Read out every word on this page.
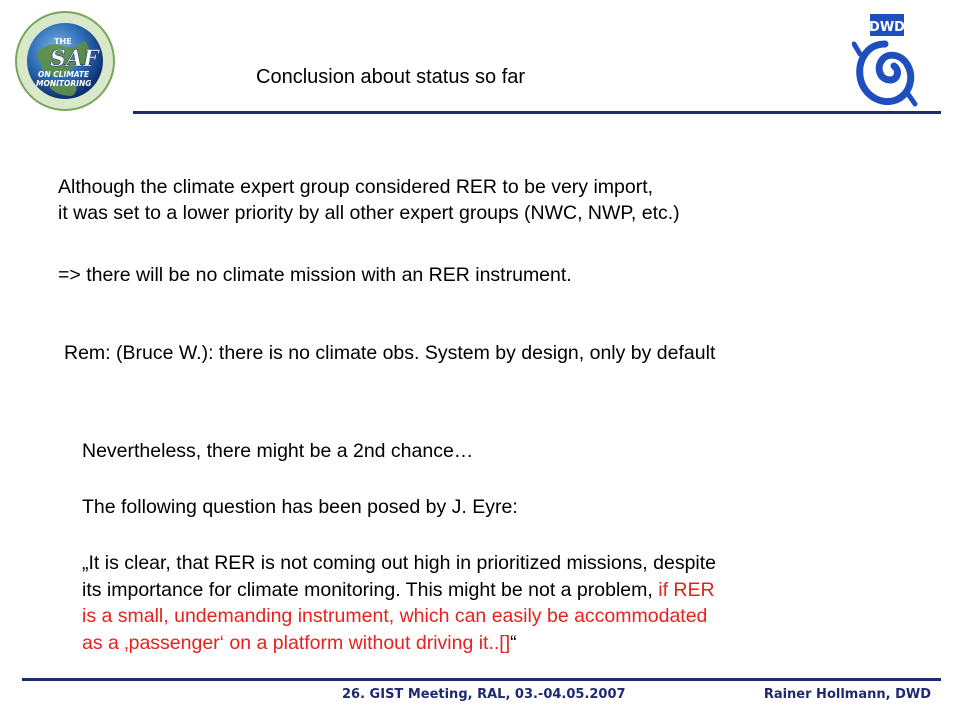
THE
SAF
ON CLIMATE
MONITORING
DWD
Conclusion about status so far
Although the climate expert group considered RER to be very import,
it was set to a lower priority by all other expert groups (NWC, NWP, etc.)
=> there will be no climate mission with an RER instrument.
Rem: (Bruce W.): there is no climate obs. System by design, only by default
Nevertheless, there might be a 2nd chance…
The following question has been posed by J. Eyre:
„It is clear, that RER is not coming out high in prioritized missions, despite
its importance for climate monitoring. This might be not a problem, if RER
is a small, undemanding instrument, which can easily be accommodated
as a ‚passenger‘ on a platform without driving it..[]“
26. GIST Meeting, RAL, 03.-04.05.2007	Rainer Hollmann, DWD
